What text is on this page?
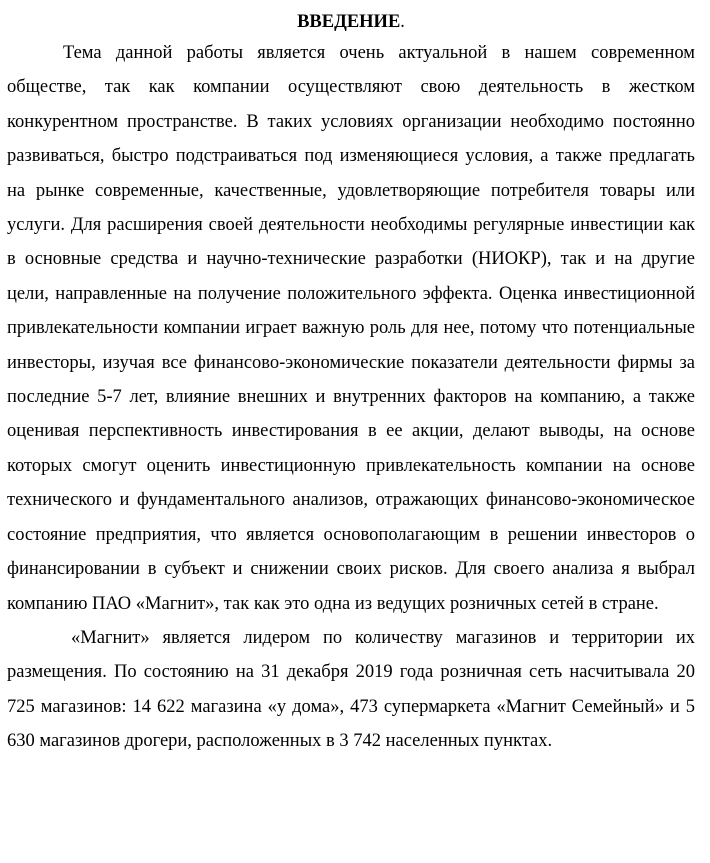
ВВЕДЕНИЕ.

Тема данной работы является очень актуальной в нашем современном обществе, так как компании осуществляют свою деятельность в жестком конкурентном пространстве. В таких условиях организации необходимо постоянно развиваться, быстро подстраиваться под изменяющиеся условия, а также предлагать на рынке современные, качественные, удовлетворяющие потребителя товары или услуги. Для расширения своей деятельности необходимы регулярные инвестиции как в основные средства и научно-технические разработки (НИОКР), так и на другие цели, направленные на получение положительного эффекта. Оценка инвестиционной привлекательности компании играет важную роль для нее, потому что потенциальные инвесторы, изучая все финансово-экономические показатели деятельности фирмы за последние 5-7 лет, влияние внешних и внутренних факторов на компанию, а также оценивая перспективность инвестирования в ее акции, делают выводы, на основе которых смогут оценить инвестиционную привлекательность компании на основе технического и фундаментального анализов, отражающих финансово-экономическое состояние предприятия, что является основополагающим в решении инвесторов о финансировании в субъект и снижении своих рисков. Для своего анализа я выбрал компанию ПАО «Магнит», так как это одна из ведущих розничных сетей в стране.

«Магнит» является лидером по количеству магазинов и территории их размещения. По состоянию на 31 декабря 2019 года розничная сеть насчитывала 20 725 магазинов: 14 622 магазина «у дома», 473 супермаркета «Магнит Семейный» и 5 630 магазинов дрогери, расположенных в 3 742 населенных пунктах.
